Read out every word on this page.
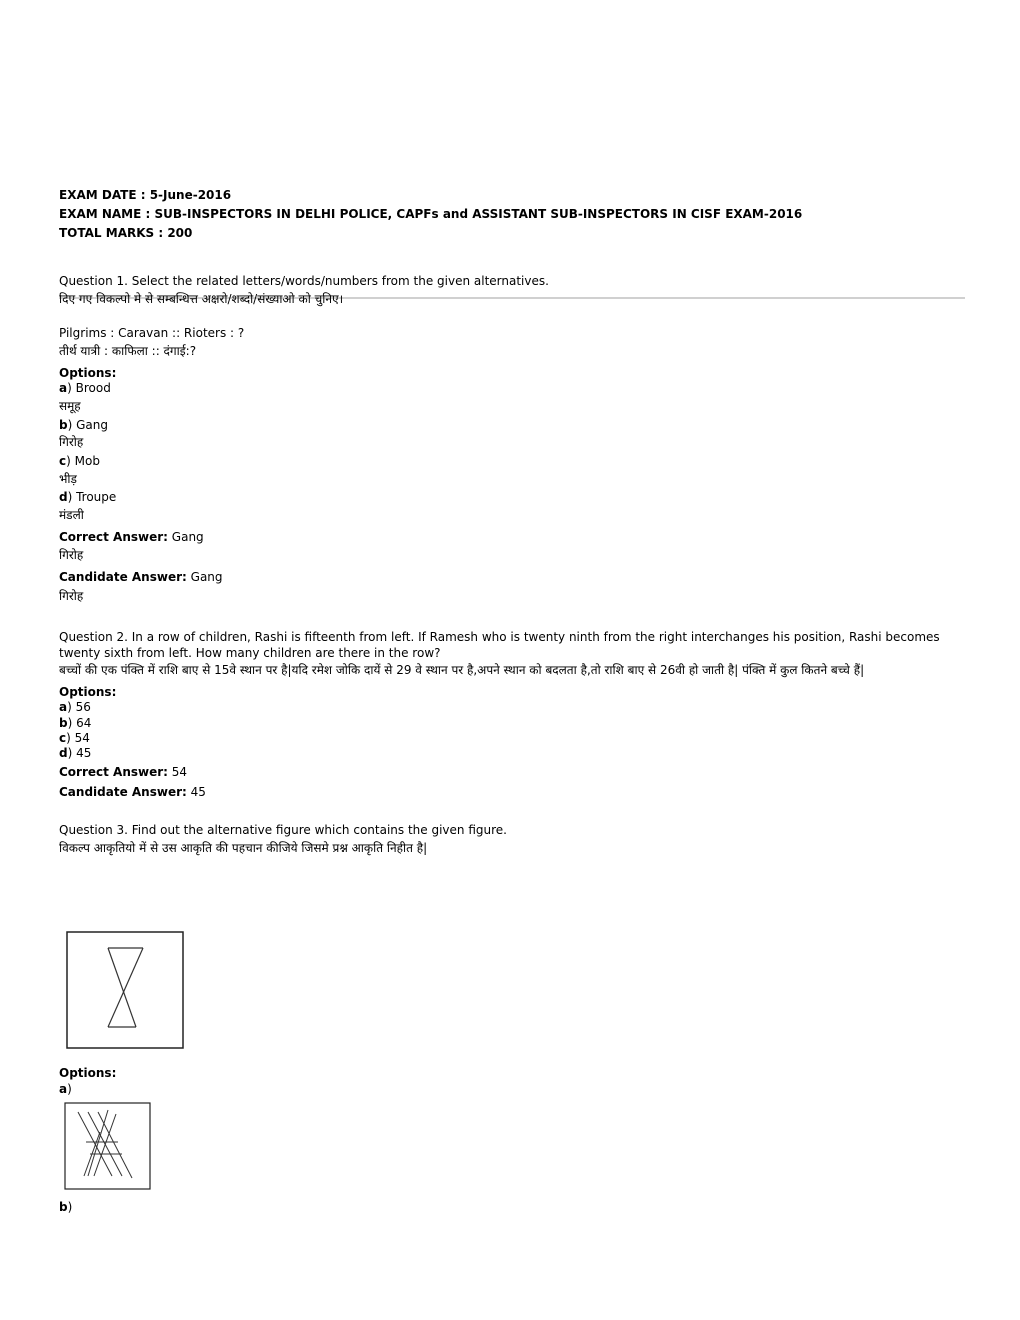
EXAM DATE : 5-June-2016
EXAM NAME : SUB-INSPECTORS IN DELHI POLICE, CAPFs and ASSISTANT SUB-INSPECTORS IN CISF EXAM-2016
TOTAL MARKS : 200
Question 1. Select the related letters/words/numbers from the given alternatives.
दिए गए विकल्पो मे से सम्बन्धित्त अक्षरो/शब्दो/संख्याओ को चुनिए।
Pilgrims : Caravan :: Rioters : ?
तीर्थ यात्री : काफिला :: दंगाई:?
Options:
a) Brood
समूह
b) Gang
गिरोह
c) Mob
भीड़
d) Troupe
मंडली
Correct Answer: Gang
गिरोह
Candidate Answer: Gang
गिरोह
Question 2. In a row of children, Rashi is fifteenth from left. If Ramesh who is twenty ninth from the right interchanges his position, Rashi becomes twenty sixth from left. How many children are there in the row?
बच्चों की एक पंक्ति में राशि बाए से 15वे स्थान पर है|यदि रमेश जोकि दायें से 29 वे स्थान पर है,अपने स्थान को बदलता है,तो राशि बाए से 26वी हो जाती है| पंक्ति में कुल कितने बच्चे हैं|
Options:
a) 56
b) 64
c) 54
d) 45
Correct Answer: 54
Candidate Answer: 45
Question 3. Find out the alternative figure which contains the given figure.
विकल्प आकृतियो में से उस आकृति की पहचान कीजिये जिसमे प्रश्न आकृति निहीत है|
Options:
a)
b)
